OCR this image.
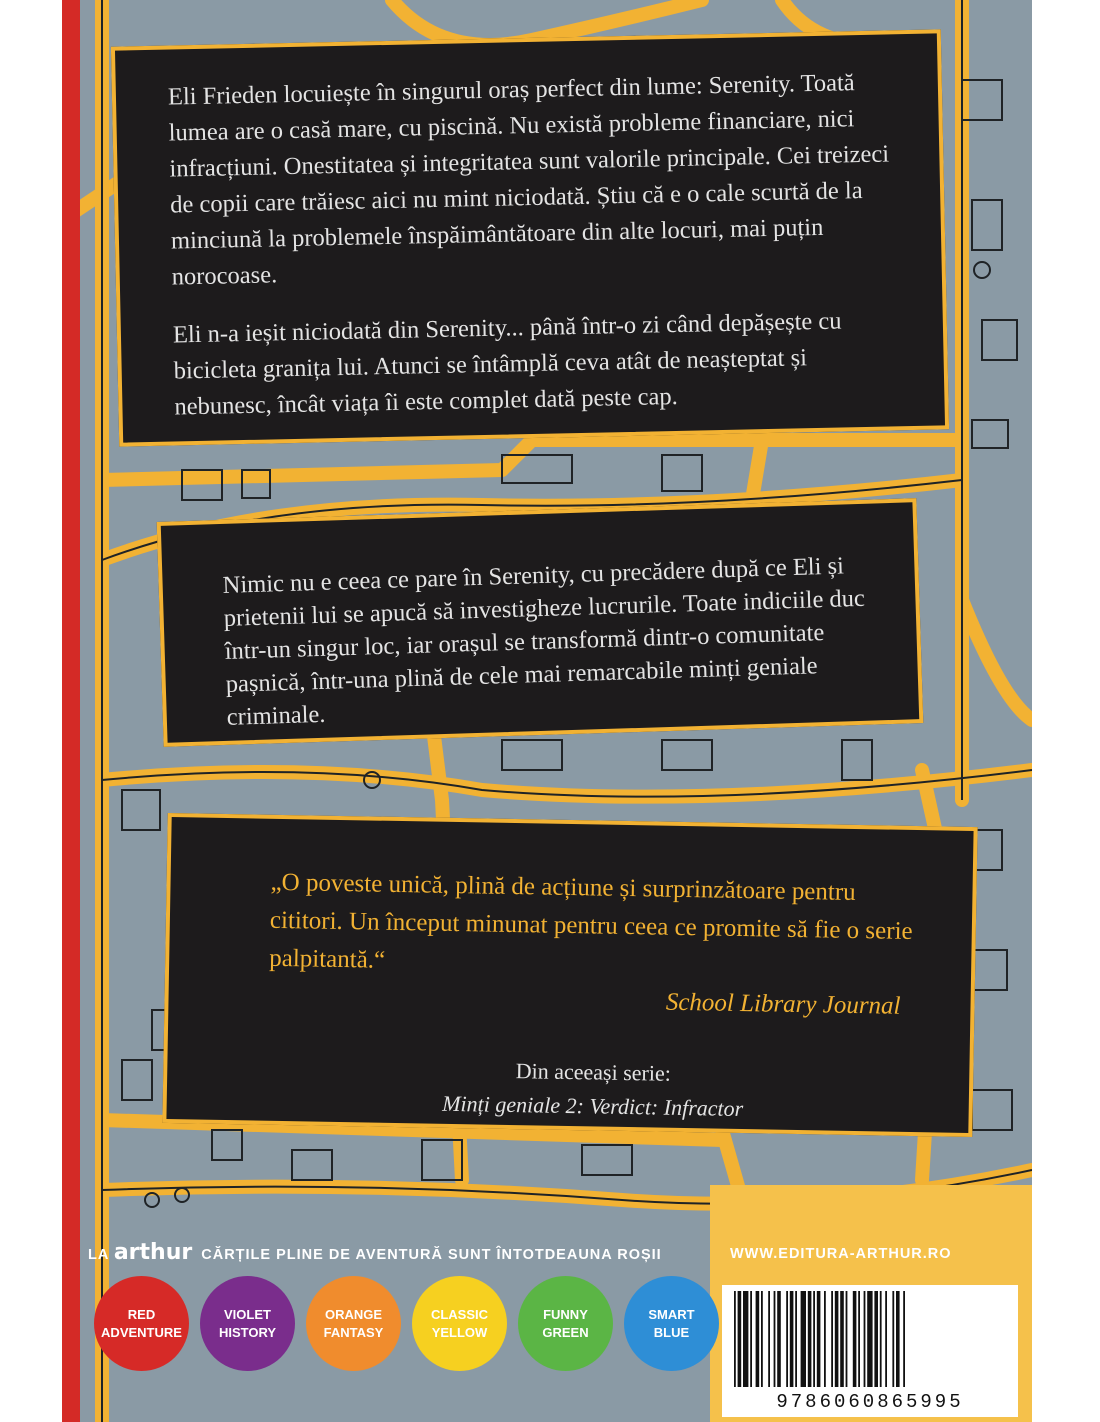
Eli Frieden locuiește în singurul oraș perfect din lume: Serenity. Toată lumea are o casă mare, cu piscină. Nu există probleme financiare, nici infracțiuni. Onestitatea și integritatea sunt valorile principale. Cei treizeci de copii care trăiesc aici nu mint niciodată. Știu că e o cale scurtă de la minciună la problemele înspăimântătoare din alte locuri, mai puțin norocoase.

Eli n-a ieșit niciodată din Serenity... până într-o zi când depășește cu bicicleta granița lui. Atunci se întâmplă ceva atât de neașteptat și nebunesc, încât viața îi este complet dată peste cap.

Nimic nu e ceea ce pare în Serenity, cu precădere după ce Eli și prietenii lui se apucă să investigheze lucrurile. Toate indiciile duc într-un singur loc, iar orașul se transformă dintr-o comunitate pașnică, într-una plină de cele mai remarcabile minți geniale criminale.

„O poveste unică, plină de acțiune și surprinzătoare pentru cititori. Un început minunat pentru ceea ce promite să fie o serie palpitantă.“

School Library Journal

Din aceeași serie:

Minți geniale 2: Verdict: Infractor

9786060865995
LA arthur CĂRȚILE PLINE DE AVENTURĂ SUNT ÎNTOTDEAUNA ROȘII	WWW.EDITURA-ARTHUR.RO
RED
ADVENTURE
VIOLET
HISTORY
ORANGE
FANTASY
CLASSIC
YELLOW
FUNNY
GREEN
SMART
BLUE
